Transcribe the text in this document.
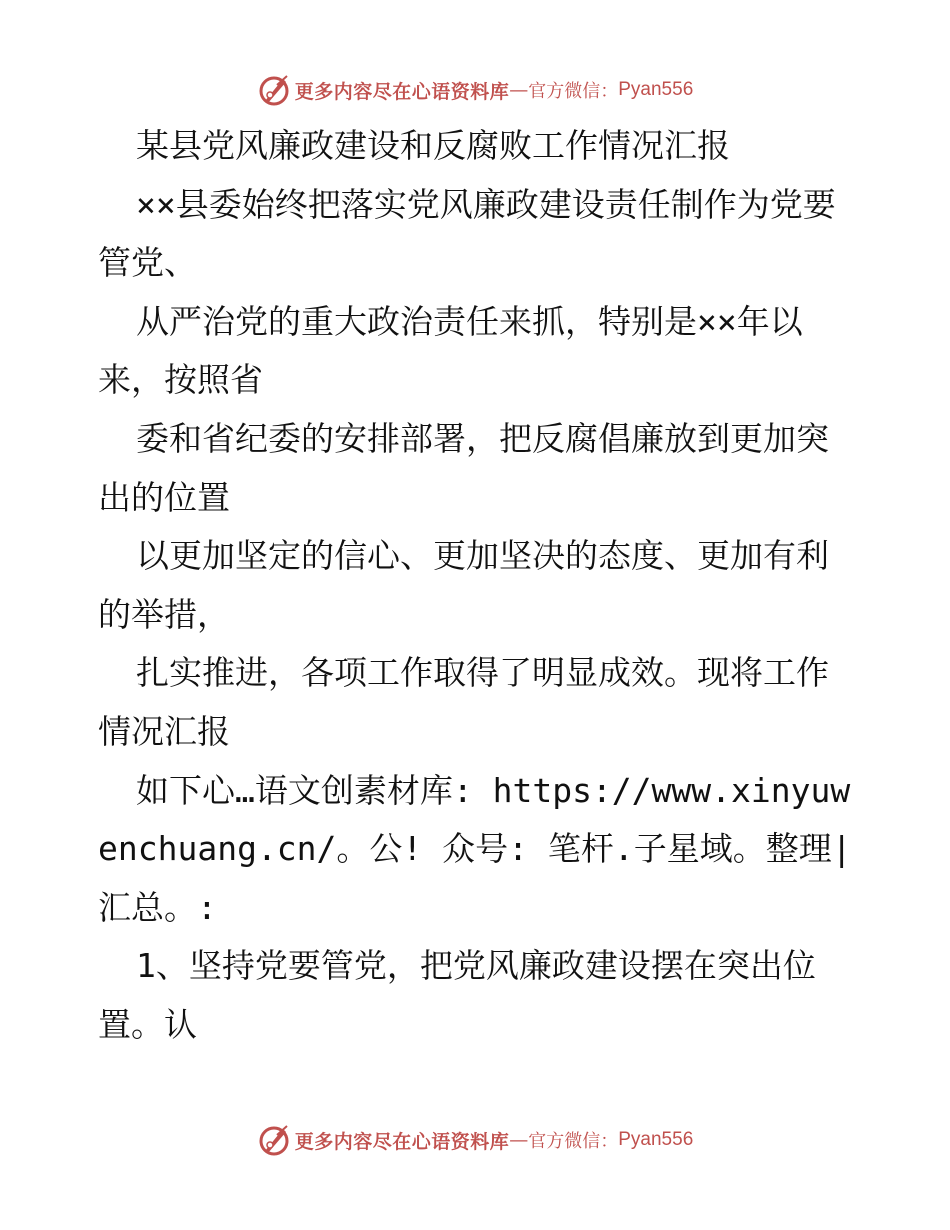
更多内容尽在心语资料库 — 官方微信： Pyan556

某县党风廉政建设和反腐败工作情况汇报

××县委始终把落实党风廉政建设责任制作为党要管党、

从严治党的重大政治责任来抓，特别是××年以来，按照省

委和省纪委的安排部署，把反腐倡廉放到更加突出的位置

以更加坚定的信心、更加坚决的态度、更加有利的举措，

扎实推进，各项工作取得了明显成效。现将工作情况汇报

如下心…语文创素材库: https://www.xinyuwenchuang.cn/。公! 众号: 笔杆.子星域。整理|汇总。:

1、坚持党要管党，把党风廉政建设摆在突出位置。认

更多内容尽在心语资料库 — 官方微信： Pyan556
